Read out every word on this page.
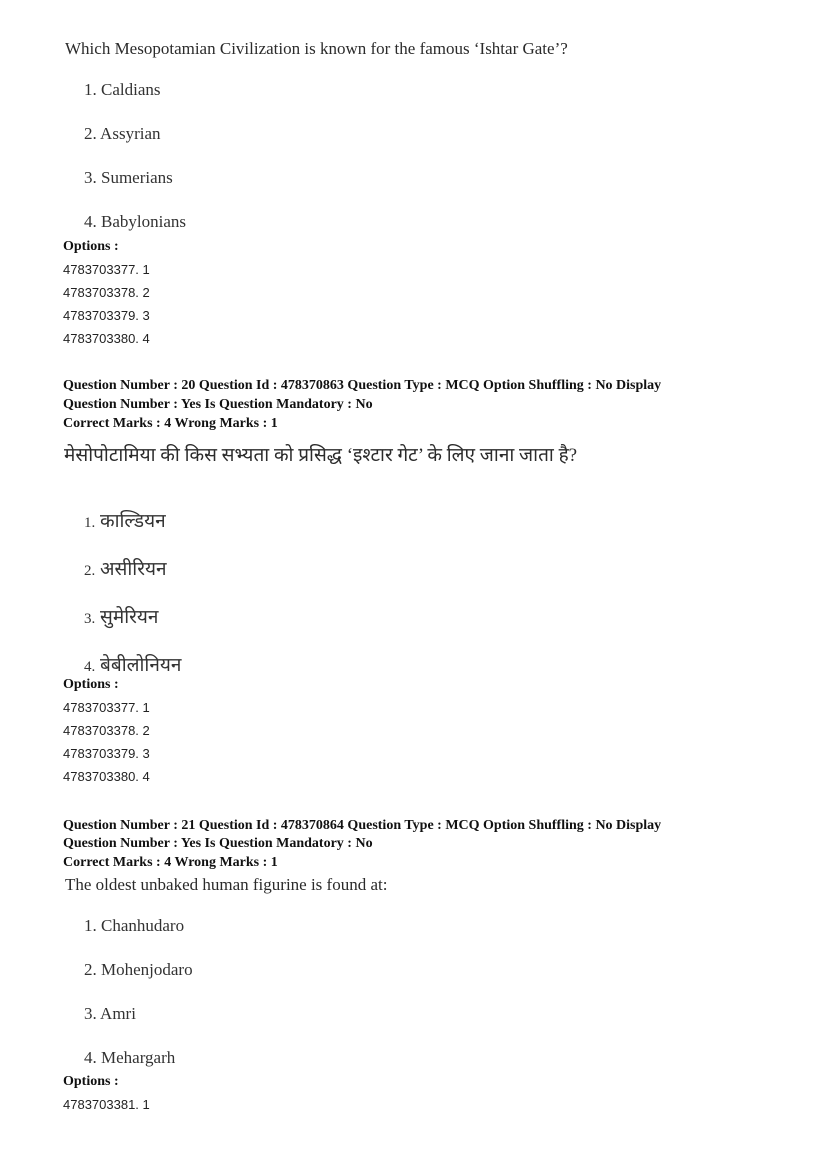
Which Mesopotamian Civilization is known for the famous ‘Ishtar Gate’?
1. Caldians
2. Assyrian
3. Sumerians
4. Babylonians
Options :
4783703377. 1
4783703378. 2
4783703379. 3
4783703380. 4
Question Number : 20 Question Id : 478370863 Question Type : MCQ Option Shuffling : No Display
Question Number : Yes Is Question Mandatory : No
Correct Marks : 4 Wrong Marks : 1
मेसोपोटामिया की किस सभ्यता को प्रसिद्ध ‘इश्टार गेट’ के लिए जाना जाता है?
1. काल्डियन
2. असीरियन
3. सुमेरियन
4. बेबीलोनियन
Options :
4783703377. 1
4783703378. 2
4783703379. 3
4783703380. 4
Question Number : 21 Question Id : 478370864 Question Type : MCQ Option Shuffling : No Display
Question Number : Yes Is Question Mandatory : No
Correct Marks : 4 Wrong Marks : 1
The oldest unbaked human figurine is found at:
1. Chanhudaro
2. Mohenjodaro
3. Amri
4. Mehargarh
Options :
4783703381. 1
